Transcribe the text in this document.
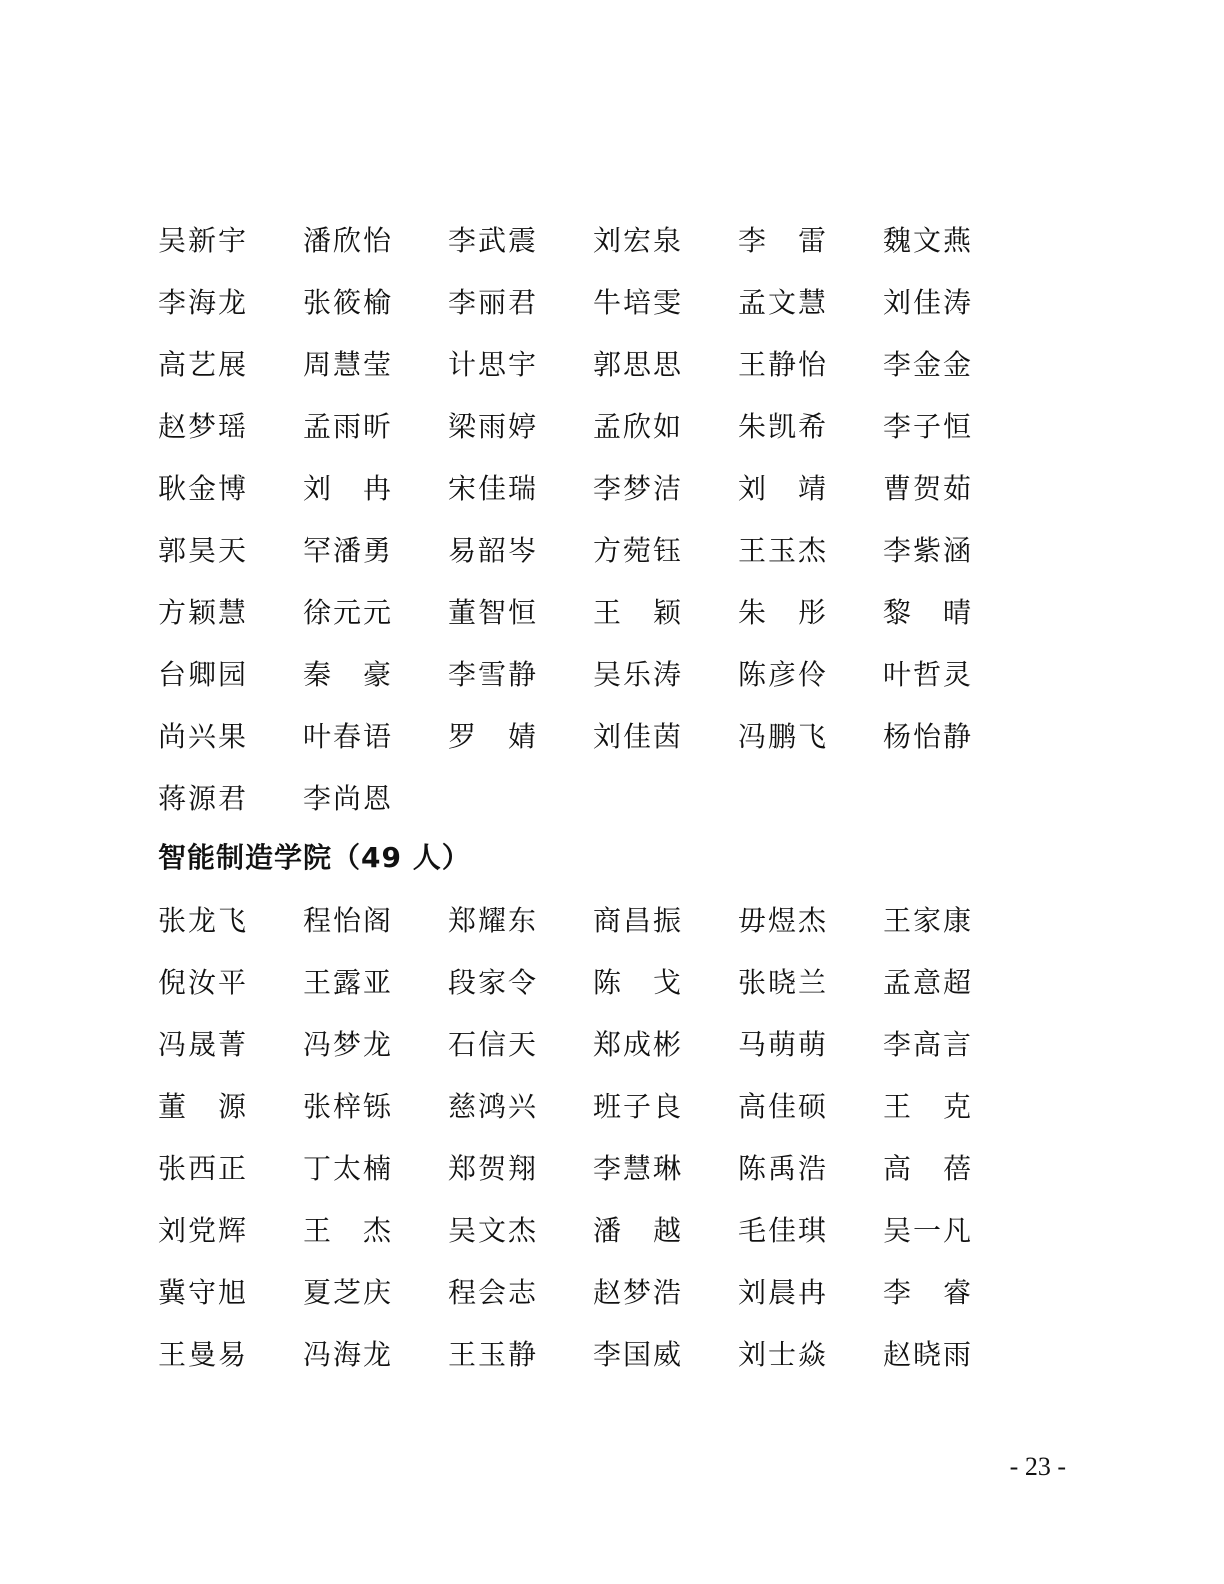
吴新宇	潘欣怡	李武震	刘宏泉	李　雷	魏文燕
李海龙	张筱榆	李丽君	牛培雯	孟文慧	刘佳涛
高艺展	周慧莹	计思宇	郭思思	王静怡	李金金
赵梦瑶	孟雨昕	梁雨婷	孟欣如	朱凯希	李子恒
耿金博	刘　冉	宋佳瑞	李梦洁	刘　靖	曹贺茹
郭昊天	罕潘勇	易韶岑	方菀钰	王玉杰	李紫涵
方颖慧	徐元元	董智恒	王　颖	朱　彤	黎　晴
台卿园	秦　豪	李雪静	吴乐涛	陈彦伶	叶哲灵
尚兴果	叶春语	罗　婧	刘佳茵	冯鹏飞	杨怡静
蒋源君	李尚恩
智能制造学院（49 人）
张龙飞	程怡阁	郑耀东	商昌振	毋煜杰	王家康
倪汝平	王露亚	段家令	陈　戈	张晓兰	孟意超
冯晟菁	冯梦龙	石信天	郑成彬	马萌萌	李高言
董　源	张梓铄	慈鸿兴	班子良	高佳硕	王　克
张西正	丁太楠	郑贺翔	李慧琳	陈禹浩	高　蓓
刘党辉	王　杰	吴文杰	潘　越	毛佳琪	吴一凡
冀守旭	夏芝庆	程会志	赵梦浩	刘晨冉	李　睿
王曼易	冯海龙	王玉静	李国威	刘士焱	赵晓雨
- 23 -
